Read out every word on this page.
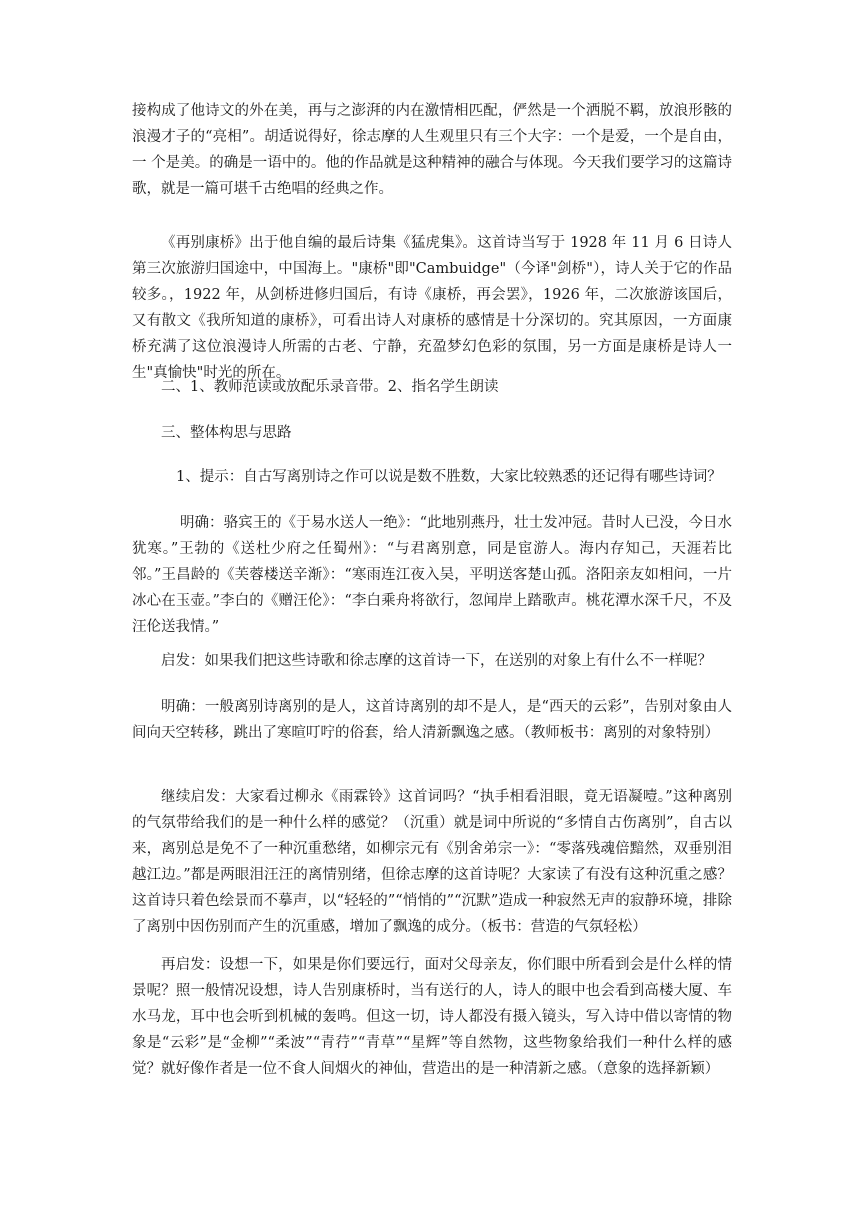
接构成了他诗文的外在美，再与之澎湃的内在激情相匹配，俨然是一个洒脱不羁，放浪形骸的浪漫才子的“亮相”。胡适说得好，徐志摩的人生观里只有三个大字：一个是爱，一个是自由，一 个是美。的确是一语中的。他的作品就是这种精神的融合与体现。今天我们要学习的这篇诗歌，就是一篇可堪千古绝唱的经典之作。

《再别康桥》出于他自编的最后诗集《猛虎集》。这首诗当写于 1928 年 11 月 6 日诗人第三次旅游归国途中，中国海上。"康桥"即"Cambuidge"（今译"剑桥"），诗人关于它的作品较多。，1922 年，从剑桥进修归国后，有诗《康桥，再会罢》，1926 年，二次旅游该国后，又有散文《我所知道的康桥》，可看出诗人对康桥的感情是十分深切的。究其原因，一方面康桥充满了这位浪漫诗人所需的古老、宁静，充盈梦幻色彩的氛围，另一方面是康桥是诗人一生"真愉快"时光的所在。

二、1、教师范读或放配乐录音带。2、指名学生朗读

三、整体构思与思路

1、提示：自古写离别诗之作可以说是数不胜数，大家比较熟悉的还记得有哪些诗词？

明确：骆宾王的《于易水送人一绝》：“此地别燕丹，壮士发冲冠。昔时人已没，今日水犹寒。”王勃的《送杜少府之任蜀州》：“与君离别意，同是宦游人。海内存知己，天涯若比邻。”王昌龄的《芙蓉楼送辛渐》：“寒雨连江夜入吴，平明送客楚山孤。洛阳亲友如相问，一片冰心在玉壶。”李白的《赠汪伦》：“李白乘舟将欲行，忽闻岸上踏歌声。桃花潭水深千尺，不及汪伦送我情。”

启发：如果我们把这些诗歌和徐志摩的这首诗一下，在送别的对象上有什么不一样呢？

明确：一般离别诗离别的是人，这首诗离别的却不是人，是“西天的云彩”，告别对象由人间向天空转移，跳出了寒暄叮咛的俗套，给人清新飘逸之感。（教师板书：离别的对象特别）

继续启发：大家看过柳永《雨霖铃》这首词吗？“执手相看泪眼，竟无语凝噎。”这种离别的气氛带给我们的是一种什么样的感觉？（沉重）就是词中所说的“多情自古伤离别”，自古以来，离别总是免不了一种沉重愁绪，如柳宗元有《别舍弟宗一》：“零落残魂倍黯然，双垂别泪越江边。”都是两眼泪汪汪的离情别绪，但徐志摩的这首诗呢？大家读了有没有这种沉重之感？这首诗只着色绘景而不摹声，以“轻轻的”“悄悄的”“沉默”造成一种寂然无声的寂静环境，排除了离别中因伤别而产生的沉重感，增加了飘逸的成分。（板书：营造的气氛轻松）

再启发：设想一下，如果是你们要远行，面对父母亲友，你们眼中所看到会是什么样的情景呢？照一般情况设想，诗人告别康桥时，当有送行的人，诗人的眼中也会看到高楼大厦、车水马龙，耳中也会听到机械的轰鸣。但这一切，诗人都没有摄入镜头，写入诗中借以寄情的物象是“云彩”是“金柳”“柔波”“青荇”“青草”“星辉”等自然物，这些物象给我们一种什么样的感觉？就好像作者是一位不食人间烟火的神仙，营造出的是一种清新之感。（意象的选择新颖）
